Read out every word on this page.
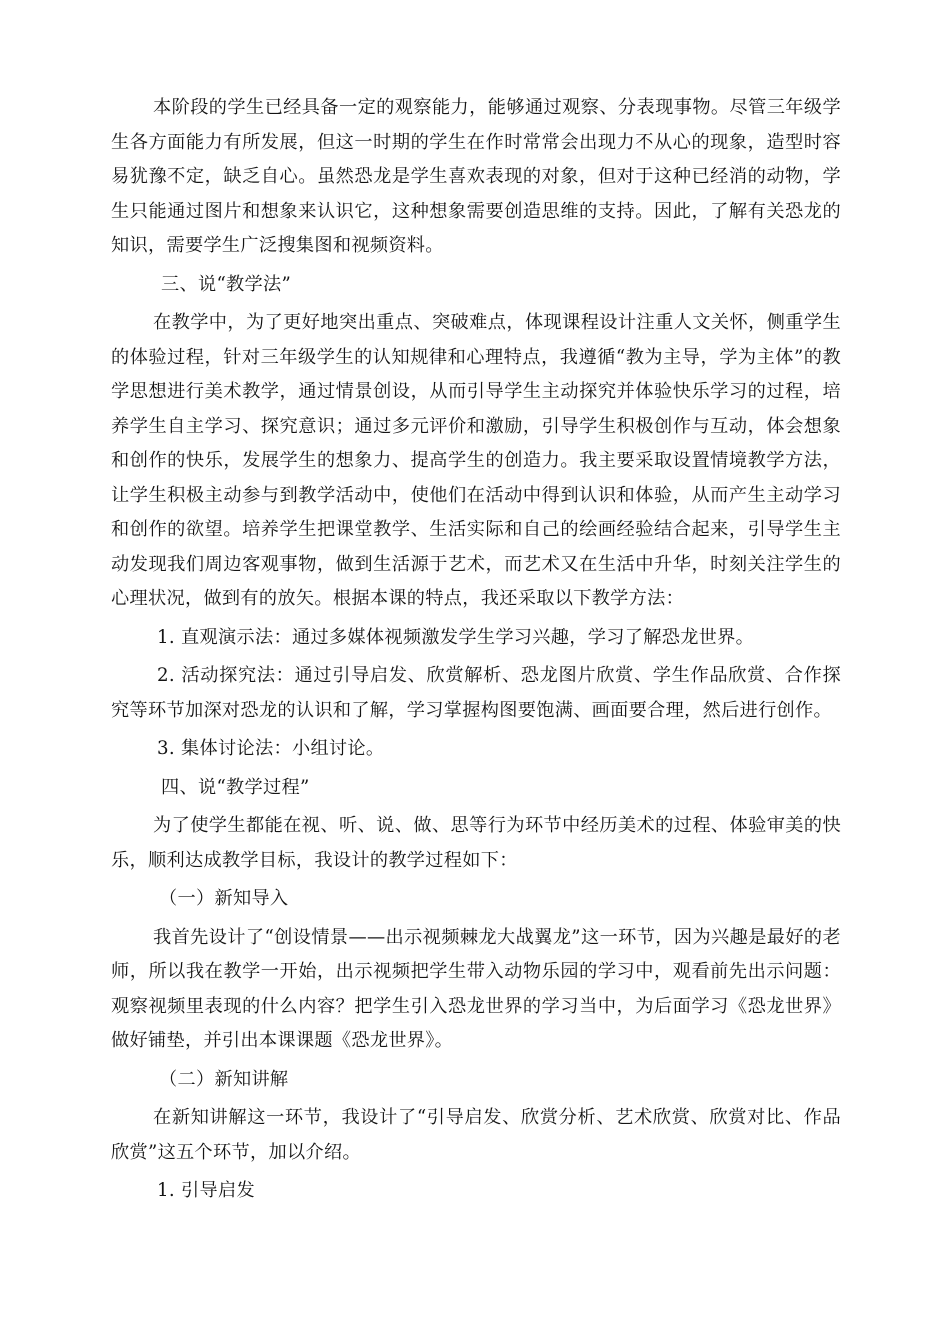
本阶段的学生已经具备一定的观察能力，能够通过观察、分表现事物。尽管三年级学生各方面能力有所发展，但这一时期的学生在作时常常会出现力不从心的现象，造型时容易犹豫不定，缺乏自心。虽然恐龙是学生喜欢表现的对象，但对于这种已经消的动物，学生只能通过图片和想象来认识它，这种想象需要创造思维的支持。因此，了解有关恐龙的知识，需要学生广泛搜集图和视频资料。

三、说“教学法”

在教学中，为了更好地突出重点、突破难点，体现课程设计注重人文关怀，侧重学生的体验过程，针对三年级学生的认知规律和心理特点，我遵循“教为主导，学为主体”的教学思想进行美术教学，通过情景创设，从而引导学生主动探究并体验快乐学习的过程，培养学生自主学习、探究意识；通过多元评价和激励，引导学生积极创作与互动，体会想象和创作的快乐，发展学生的想象力、提高学生的创造力。我主要采取设置情境教学方法，让学生积极主动参与到教学活动中，使他们在活动中得到认识和体验，从而产生主动学习和创作的欲望。培养学生把课堂教学、生活实际和自己的绘画经验结合起来，引导学生主动发现我们周边客观事物，做到生活源于艺术，而艺术又在生活中升华，时刻关注学生的心理状况，做到有的放矢。根据本课的特点，我还采取以下教学方法：

1. 直观演示法：通过多媒体视频激发学生学习兴趣，学习了解恐龙世界。

2. 活动探究法：通过引导启发、欣赏解析、恐龙图片欣赏、学生作品欣赏、合作探究等环节加深对恐龙的认识和了解，学习掌握构图要饱满、画面要合理，然后进行创作。

3. 集体讨论法：小组讨论。

四、说“教学过程”

为了使学生都能在视、听、说、做、思等行为环节中经历美术的过程、体验审美的快乐，顺利达成教学目标，我设计的教学过程如下：

（一）新知导入

我首先设计了“创设情景——出示视频棘龙大战翼龙”这一环节，因为兴趣是最好的老师，所以我在教学一开始，出示视频把学生带入动物乐园的学习中，观看前先出示问题：观察视频里表现的什么内容？把学生引入恐龙世界的学习当中，为后面学习《恐龙世界》做好铺垫，并引出本课课题《恐龙世界》。

（二）新知讲解

在新知讲解这一环节，我设计了“引导启发、欣赏分析、艺术欣赏、欣赏对比、作品欣赏”这五个环节，加以介绍。

1. 引导启发
